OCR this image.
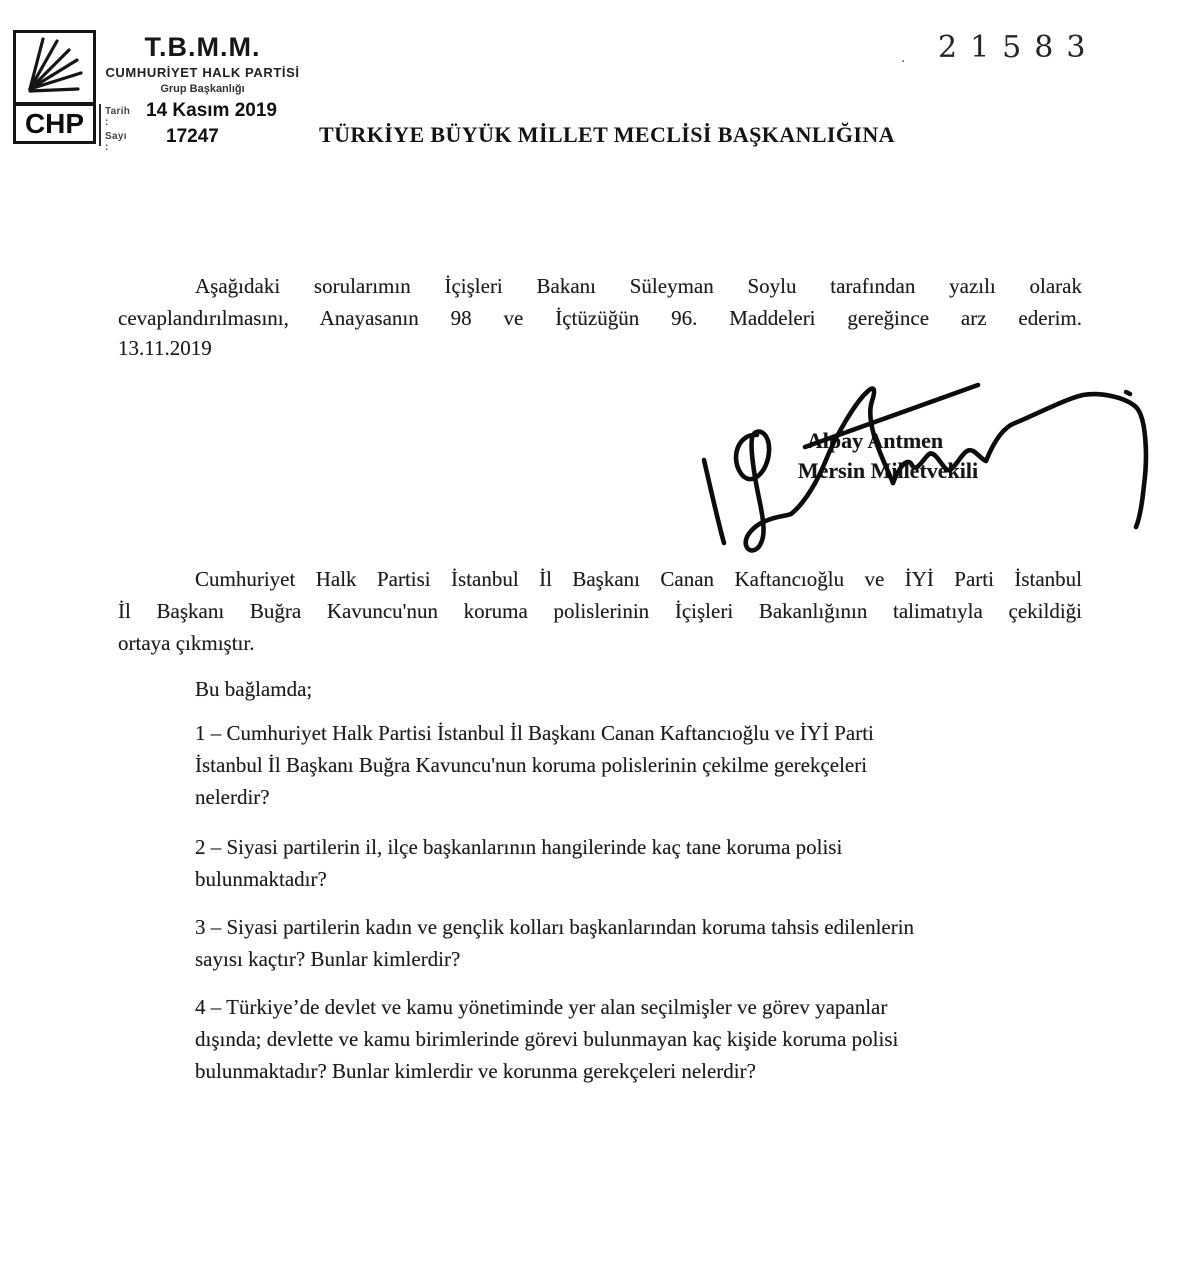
CHP
T.B.M.M.
CUMHURİYET HALK PARTİSİ
Grup Başkanlığı
Tarih :
14 Kasım 2019
Sayı :
17247
. 21583
TÜRKİYE BÜYÜK MİLLET MECLİSİ BAŞKANLIĞINA
Aşağıdaki sorularımın İçişleri Bakanı Süleyman Soylu tarafından yazılı olarak
cevaplandırılmasını, Anayasanın 98 ve İçtüzüğün 96. Maddeleri gereğince arz ederim.
13.11.2019
Alpay Antmen
Mersin Milletvekili
Cumhuriyet Halk Partisi İstanbul İl Başkanı Canan Kaftancıoğlu ve İYİ Parti İstanbul
İl Başkanı Buğra Kavuncu'nun koruma polislerinin İçişleri Bakanlığının talimatıyla çekildiği
ortaya çıkmıştır.
Bu bağlamda;
1 – Cumhuriyet Halk Partisi İstanbul İl Başkanı Canan Kaftancıoğlu ve İYİ Parti
İstanbul İl Başkanı Buğra Kavuncu'nun koruma polislerinin çekilme gerekçeleri
nelerdir?
2 – Siyasi partilerin il, ilçe başkanlarının hangilerinde kaç tane koruma polisi
bulunmaktadır?
3 – Siyasi partilerin kadın ve gençlik kolları başkanlarından koruma tahsis edilenlerin
sayısı kaçtır? Bunlar kimlerdir?
4 – Türkiye’de devlet ve kamu yönetiminde yer alan seçilmişler ve görev yapanlar
dışında; devlette ve kamu birimlerinde görevi bulunmayan kaç kişide koruma polisi
bulunmaktadır? Bunlar kimlerdir ve korunma gerekçeleri nelerdir?
